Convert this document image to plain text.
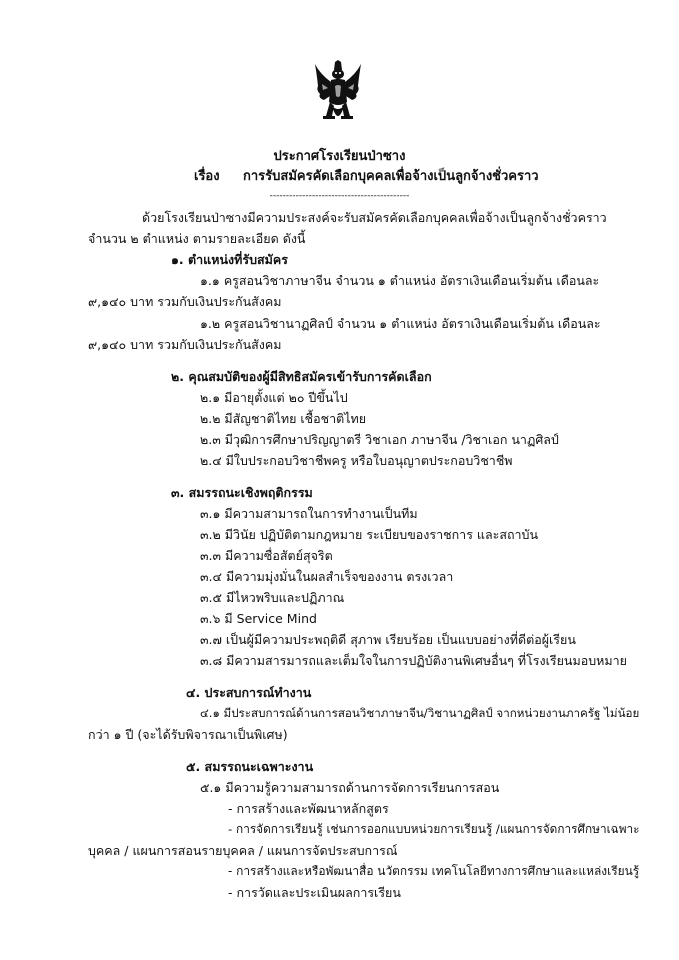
ประกาศโรงเรียนป่าซาง
เรื่อง การรับสมัครคัดเลือกบุคคลเพื่อจ้างเป็นลูกจ้างชั่วคราว
-------------------------------------------
ด้วยโรงเรียนป่าซางมีความประสงค์จะรับสมัครคัดเลือกบุคคลเพื่อจ้างเป็นลูกจ้างชั่วคราว
จำนวน ๒ ตำแหน่ง ตามรายละเอียด ดังนี้
๑. ตำแหน่งที่รับสมัคร
๑.๑ ครูสอนวิชาภาษาจีน จำนวน ๑ ตำแหน่ง อัตราเงินเดือนเริ่มต้น เดือนละ
๙,๑๔๐ บาท รวมกับเงินประกันสังคม
๑.๒ ครูสอนวิชานาฏศิลป์ จำนวน ๑ ตำแหน่ง อัตราเงินเดือนเริ่มต้น เดือนละ
๙,๑๔๐ บาท รวมกับเงินประกันสังคม
๒. คุณสมบัติของผู้มีสิทธิสมัครเข้ารับการคัดเลือก
๒.๑ มีอายุตั้งแต่ ๒๐ ปีขึ้นไป
๒.๒ มีสัญชาติไทย เชื้อชาติไทย
๒.๓ มีวุฒิการศึกษาปริญญาตรี วิชาเอก ภาษาจีน /วิชาเอก นาฏศิลป์
๒.๔ มีใบประกอบวิชาชีพครู หรือใบอนุญาตประกอบวิชาชีพ
๓. สมรรถนะเชิงพฤติกรรม
๓.๑ มีความสามารถในการทำงานเป็นทีม
๓.๒ มีวินัย ปฏิบัติตามกฎหมาย ระเบียบของราชการ และสถาบัน
๓.๓ มีความซื่อสัตย์สุจริต
๓.๔ มีความมุ่งมั่นในผลสำเร็จของงาน ตรงเวลา
๓.๕ มีไหวพริบและปฏิภาณ
๓.๖ มี Service Mind
๓.๗ เป็นผู้มีความประพฤติดี สุภาพ เรียบร้อย เป็นแบบอย่างที่ดีต่อผู้เรียน
๓.๘ มีความสารมารถและเต็มใจในการปฏิบัติงานพิเศษอื่นๆ ที่โรงเรียนมอบหมาย
๔. ประสบการณ์ทำงาน
๔.๑ มีประสบการณ์ด้านการสอนวิชาภาษาจีน/วิชานาฏศิลป์ จากหน่วยงานภาครัฐ ไม่น้อย
กว่า ๑ ปี (จะได้รับพิจารณาเป็นพิเศษ)
๕. สมรรถนะเฉพาะงาน
๕.๑ มีความรู้ความสามารถด้านการจัดการเรียนการสอน
- การสร้างและพัฒนาหลักสูตร
- การจัดการเรียนรู้ เช่นการออกแบบหน่วยการเรียนรู้ /แผนการจัดการศึกษาเฉพาะ
บุคคล / แผนการสอนรายบุคคล / แผนการจัดประสบการณ์
- การสร้างและหรือพัฒนาสื่อ นวัตกรรม เทคโนโลยีทางการศึกษาและแหล่งเรียนรู้
- การวัดและประเมินผลการเรียน
